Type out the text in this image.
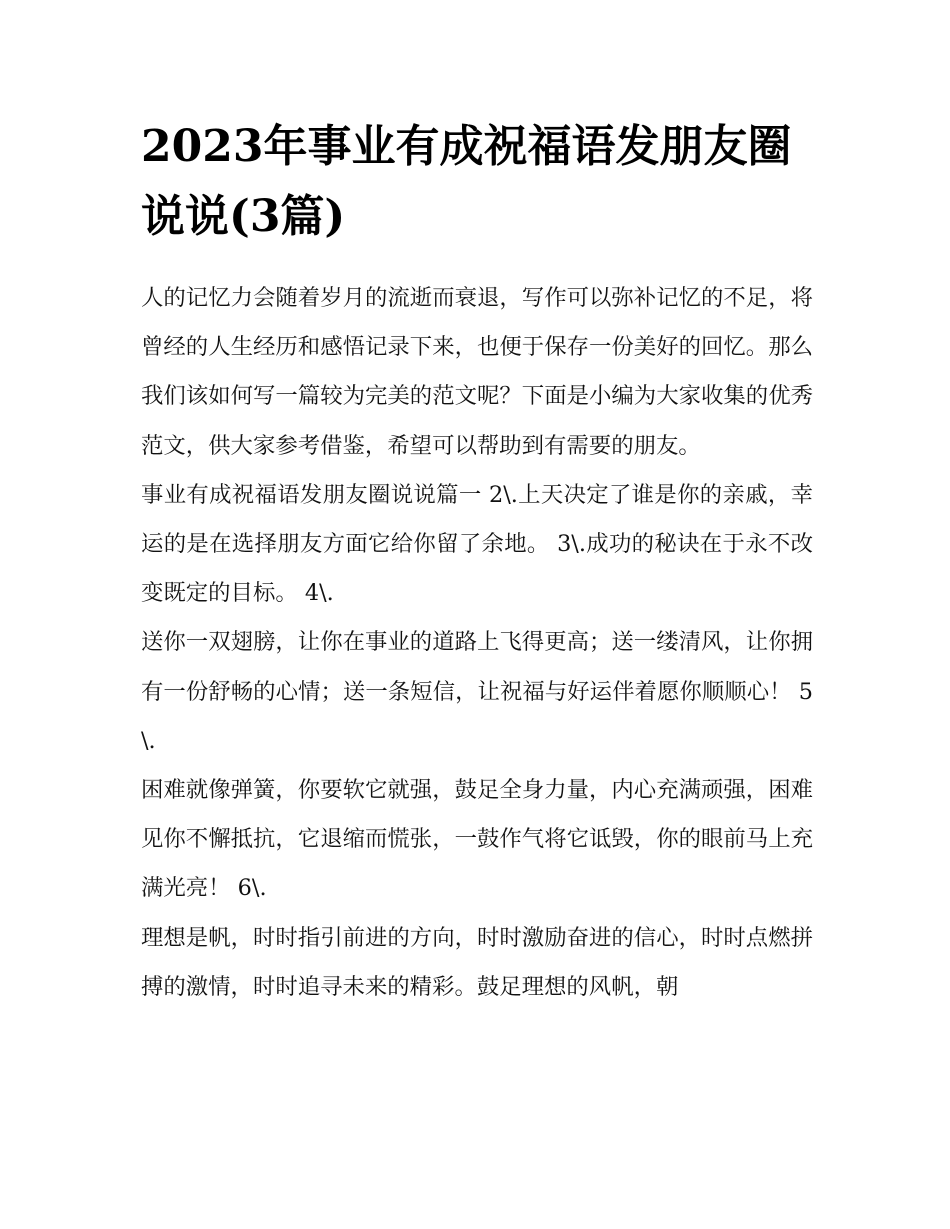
2023年事业有成祝福语发朋友圈说说(3篇)

人的记忆力会随着岁月的流逝而衰退，写作可以弥补记忆的不足，将曾经的人生经历和感悟记录下来，也便于保存一份美好的回忆。那么我们该如何写一篇较为完美的范文呢？下面是小编为大家收集的优秀范文，供大家参考借鉴，希望可以帮助到有需要的朋友。

事业有成祝福语发朋友圈说说篇一 2\.上天决定了谁是你的亲戚，幸运的是在选择朋友方面它给你留了余地。 3\.成功的秘诀在于永不改变既定的目标。 4\.

送你一双翅膀，让你在事业的道路上飞得更高；送一缕清风，让你拥有一份舒畅的心情；送一条短信，让祝福与好运伴着愿你顺顺心！ 5\.

困难就像弹簧，你要软它就强，鼓足全身力量，内心充满顽强，困难见你不懈抵抗，它退缩而慌张，一鼓作气将它诋毁，你的眼前马上充满光亮！ 6\.

理想是帆，时时指引前进的方向，时时激励奋进的信心，时时点燃拼搏的激情，时时追寻未来的精彩。鼓足理想的风帆，朝
